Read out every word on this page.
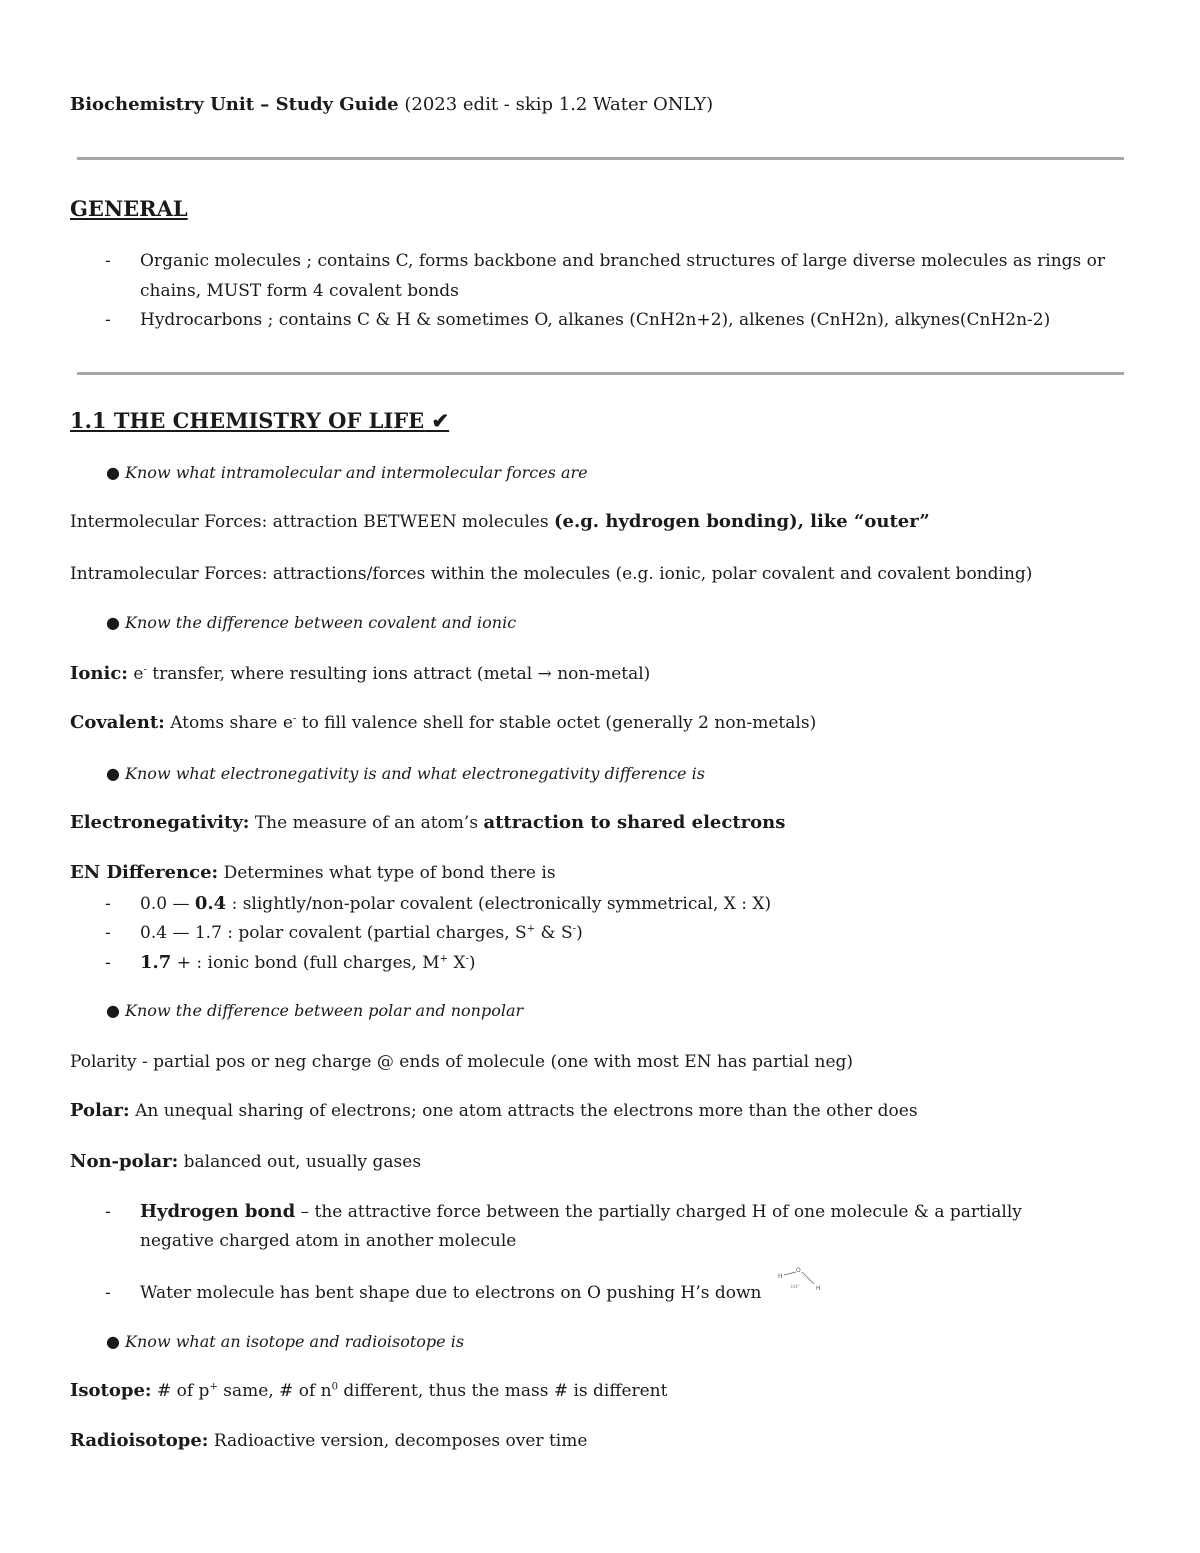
Biochemistry Unit – Study Guide (2023 edit - skip 1.2 Water ONLY)
GENERAL
- Organic molecules ; contains C, forms backbone and branched structures of large diverse molecules as rings or
chains, MUST form 4 covalent bonds
- Hydrocarbons ; contains C & H & sometimes O, alkanes (CnH2n+2), alkenes (CnH2n), alkynes(CnH2n-2)
1.1 THE CHEMISTRY OF LIFE ✔
● Know what intramolecular and intermolecular forces are
Intermolecular Forces: attraction BETWEEN molecules (e.g. hydrogen bonding), like “outer”
Intramolecular Forces: attractions/forces within the molecules (e.g. ionic, polar covalent and covalent bonding)
● Know the difference between covalent and ionic
Ionic: e- transfer, where resulting ions attract (metal → non-metal)
Covalent: Atoms share e- to fill valence shell for stable octet (generally 2 non-metals)
● Know what electronegativity is and what electronegativity difference is
Electronegativity: The measure of an atom’s attraction to shared electrons
EN Difference: Determines what type of bond there is
- 0.0 — 0.4 : slightly/non-polar covalent (electronically symmetrical, X : X)
- 0.4 — 1.7 : polar covalent (partial charges, S+ & S-)
- 1.7 + : ionic bond (full charges, M+ X-)
● Know the difference between polar and nonpolar
Polarity - partial pos or neg charge @ ends of molecule (one with most EN has partial neg)
Polar: An unequal sharing of electrons; one atom attracts the electrons more than the other does
Non-polar: balanced out, usually gases
- Hydrogen bond – the attractive force between the partially charged H of one molecule & a partially
negative charged atom in another molecule
- Water molecule has bent shape due to electrons on O pushing H’s down
H
O
H
104°
● Know what an isotope and radioisotope is
Isotope: # of p+ same, # of $n^0$ different, thus the mass # is different
Radioisotope: Radioactive version, decomposes over time
